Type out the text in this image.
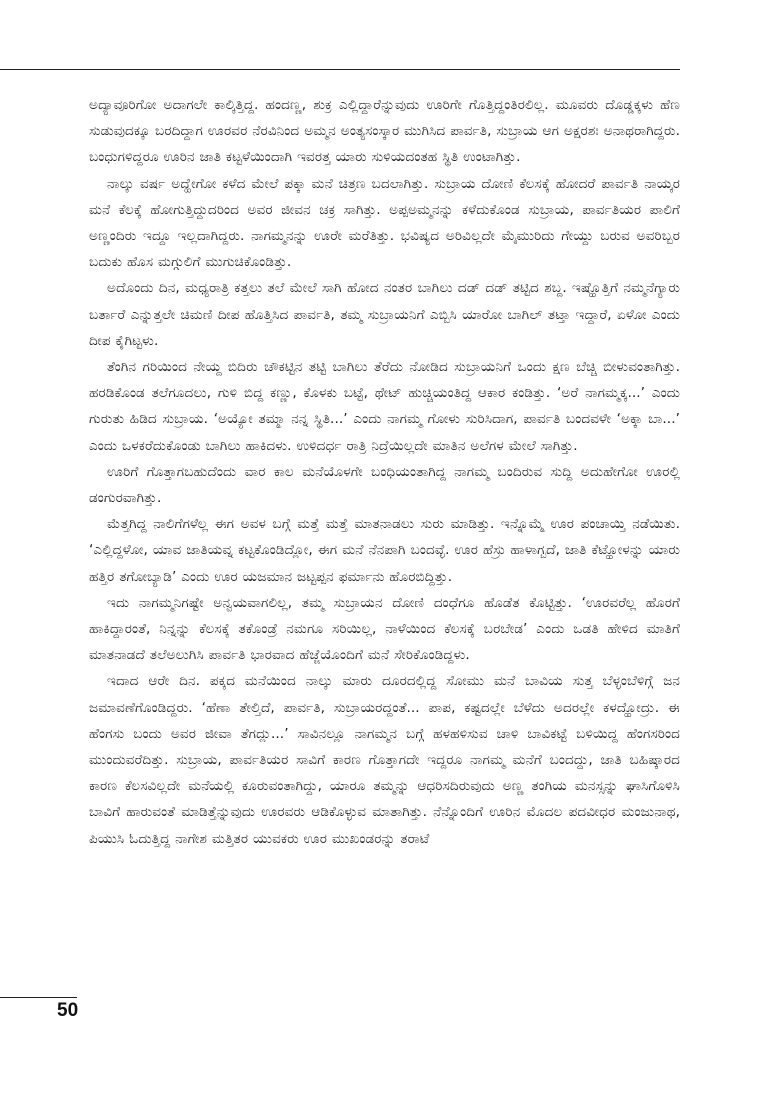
ಅದ್ಯಾವೂರಿಗೋ ಅದಾಗಲೇ ಕಾಲ್ಕಿತ್ತಿದ್ದ. ಹಂದಣ್ಣ, ಶುಕ್ರ ಎಲ್ಲಿದ್ದಾರೆನ್ನುವುದು ಊರಿಗೇ ಗೊತ್ತಿದ್ದಂತಿರಲಿಲ್ಲ. ಮೂವರು ದೊಡ್ಡಕ್ಕಳು ಹೆಣ ಸುಡುವುದಕ್ಕೂ ಬರದಿದ್ದಾಗ ಊರವರ ನೆರವಿನಿಂದ ಅಮ್ಮನ ಅಂತ್ಯಸಂಸ್ಕಾರ ಮುಗಿಸಿದ ಪಾರ್ವತಿ, ಸುಬ್ರಾಯ ಆಗ ಅಕ್ಷರಶಃ ಅನಾಥರಾಗಿದ್ದರು. ಬಂಧುಗಳಿದ್ದರೂ ಊರಿನ ಜಾತಿ ಕಟ್ಟಳೆಯಿಂದಾಗಿ ಇವರತ್ತ ಯಾರು ಸುಳಿಯದಂತಹ ಸ್ಥಿತಿ ಉಂಟಾಗಿತ್ತು.

ನಾಲ್ಕು ವರ್ಷ ಅದ್ಹೇಗೋ ಕಳೆದ ಮೇಲೆ ಪಕ್ಕಾ ಮನೆ ಚಿತ್ರಣ ಬದಲಾಗಿತ್ತು. ಸುಬ್ರಾಯ ದೋಣಿ ಕೆಲಸಕ್ಕೆ ಹೋದರೆ ಪಾರ್ವತಿ ನಾಯ್ಕರ ಮನೆ ಕೆಲಕ್ಕೆ ಹೋಗುತ್ತಿದ್ದುದರಿಂದ ಅವರ ಜೀವನ ಚಕ್ರ ಸಾಗಿತ್ತು. ಅಪ್ಪಅಮ್ಮನನ್ನು ಕಳೆದುಕೊಂಡ ಸುಬ್ರಾಯ, ಪಾರ್ವತಿಯರ ಪಾಲಿಗೆ ಅಣ್ಣಂದಿರು ಇದ್ದೂ ಇಲ್ಲದಾಗಿದ್ದರು. ನಾಗಮ್ಮನನ್ನು ಊರೇ ಮರೆತಿತ್ತು. ಭವಿಷ್ಯದ ಅರಿವಿಲ್ಲದೇ ಮೈಮುರಿದು ಗೇಯ್ದು ಬರುವ ಅವರಿಬ್ಬರ ಬದುಕು ಹೊಸ ಮಗ್ಗುಲಿಗೆ ಮುಗುಚಿಕೊಂಡಿತ್ತು.

ಅದೊಂದು ದಿನ, ಮಧ್ಯರಾತ್ರಿ ಕತ್ತಲು ತಲೆ ಮೇಲೆ ಸಾಗಿ ಹೋದ ನಂತರ ಬಾಗಿಲು ದಡ್ ದಡ್ ತಟ್ಟಿದ ಶಬ್ದ. ಇಷ್ಹೊತ್ತಿಗೆ ನಮ್ಮನೆಗ್ಯಾರು ಬರ್ತಾರೆ ಎನ್ನುತ್ತಲೇ ಚಿಮಣಿ ದೀಪ ಹೊತ್ತಿಸಿದ ಪಾರ್ವತಿ, ತಮ್ಮ ಸುಬ್ರಾಯನಿಗೆ ಎಬ್ಬಿಸಿ ಯಾರೋ ಬಾಗಿಲ್ ತಟ್ತಾ ಇದ್ದಾರೆ, ಏಳೋ ಎಂದು ದೀಪ ಕೈಗಿಟ್ಟಳು.

ತೆಂಗಿನ ಗರಿಯಿಂದ ನೇಯ್ದ ಬಿದಿರು ಚೌಕಟ್ಟಿನ ತಟ್ಟಿ ಬಾಗಿಲು ತೆರೆದು ನೋಡಿದ ಸುಬ್ರಾಯನಿಗೆ ಒಂದು ಕ್ಷಣ ಬೆಚ್ಚಿ ಬೀಳುವಂತಾಗಿತ್ತು. ಹರಡಿಕೊಂಡ ತಲೆಗೂದಲು, ಗುಳಿ ಬಿದ್ದ ಕಣ್ಣು, ಕೊಳಕು ಬಟ್ಟೆ, ಥೇಟ್ ಹುಚ್ಚಿಯಂತಿದ್ದ ಆಕಾರ ಕಂಡಿತ್ತು. ‘ಅರೆ ನಾಗಮ್ಮಕ್ಕ...’ ಎಂದು ಗುರುತು ಹಿಡಿದ ಸುಬ್ರಾಯ. ‘ಅಯ್ಯೋ ತಮ್ಮಾ ನನ್ನ ಸ್ಥಿತಿ...’ ಎಂದು ನಾಗಮ್ಮ ಗೋಳು ಸುರಿಸಿದಾಗ, ಪಾರ್ವತಿ ಬಂದವಳೇ ‘ಅಕ್ಕಾ ಬಾ...’ ಎಂದು ಒಳಕರೆದುಕೊಂಡು ಬಾಗಿಲು ಹಾಕಿದಳು. ಉಳಿದರ್ಧ ರಾತ್ರಿ ನಿದ್ರೆಯಿಲ್ಲದೇ ಮಾತಿನ ಅಲೆಗಳ ಮೇಲೆ ಸಾಗಿತ್ತು.

ಊರಿಗೆ ಗೊತ್ತಾಗಬಹುದೆಂದು ವಾರ ಕಾಲ ಮನೆಯೊಳಗೇ ಬಂಧಿಯಂತಾಗಿದ್ದ ನಾಗಮ್ಮ ಬಂದಿರುವ ಸುದ್ದಿ ಅದುಹೇಗೋ ಊರಲ್ಲಿ ಡಂಗುರವಾಗಿತ್ತು.

ಮೆತ್ತಗಿದ್ದ ನಾಲಿಗೆಗಳೆಲ್ಲ ಈಗ ಅವಳ ಬಗ್ಗೆ ಮತ್ತೆ ಮತ್ತೆ ಮಾತನಾಡಲು ಸುರು ಮಾಡಿತ್ತು. ಇನ್ನೊಮ್ಮೆ ಊರ ಪಂಚಾಯ್ತಿ ನಡೆಯಿತು. ‘ಎಲ್ಲಿದ್ದಳೋ, ಯಾವ ಜಾತಿಯವ್ನ ಕಟ್ಟಕೊಂಡಿದ್ಲೋ, ಈಗ ಮನೆ ನೆನಪಾಗಿ ಬಂದವ್ಳೆ. ಊರ ಹೆಸ್ರು ಹಾಳಾಗ್ಬದೆ, ಜಾತಿ ಕೆಟ್ಹೋಳನ್ನು ಯಾರು ಹತ್ತಿರ ತಗೋಬ್ಯಾಡಿ’ ಎಂದು ಊರ ಯಜಮಾನ ಜಟ್ಟಪ್ಪನ ಫರ್ಮಾನು ಹೊರಬಿದ್ದಿತ್ತು.

ಇದು ನಾಗಮ್ಮನಿಗಷ್ಟೇ ಅನ್ವಯವಾಗಲಿಲ್ಲ, ತಮ್ಮ ಸುಬ್ರಾಯನ ದೋಣಿ ದಂಧೆಗೂ ಹೊಡೆತ ಕೊಟ್ಟಿತ್ತು. ‘ಊರವರೆಲ್ಲ ಹೊರಗೆ ಹಾಕಿದ್ದಾರಂತೆ, ನಿನ್ನನ್ನು ಕೆಲಸಕ್ಕೆ ತಕೊಂಡ್ರೆ ನಮಗೂ ಸರಿಯಿಲ್ಲ, ನಾಳೆಯಿಂದ ಕೆಲಸಕ್ಕೆ ಬರಬೇಡ’ ಎಂದು ಒಡತಿ ಹೇಳಿದ ಮಾತಿಗೆ ಮಾತನಾಡದೆ ತಲೆಅಲುಗಿಸಿ ಪಾರ್ವತಿ ಭಾರವಾದ ಹೆಜ್ಜೆಯೊಂದಿಗೆ ಮನೆ ಸೇರಿಕೊಂಡಿದ್ದಳು.

ಇದಾದ ಆರೇ ದಿನ. ಪಕ್ಕದ ಮನೆಯಿಂದ ನಾಲ್ಕು ಮಾರು ದೂರದಲ್ಲಿದ್ದ ಸೋಮು ಮನೆ ಬಾವಿಯ ಸುತ್ತ ಬೆಳ್ಳಂಬೆಳಿಗ್ಗೆ ಜನ ಜಮಾವಣೆಗೊಂಡಿದ್ದರು. ‘ಹೆಣಾ ತೇಲ್ತಿದೆ, ಪಾರ್ವತಿ, ಸುಬ್ರಾಯರದ್ದಂತೆ... ಪಾಪ, ಕಷ್ಟದಲ್ಲೇ ಬೆಳೆದು ಅದರಲ್ಲೇ ಕಳದ್ಹೋದ್ರು. ಈ ಹೆಂಗಸು ಬಂದು ಅವರ ಜೀವಾ ತೆಗದ್ಲು...’ ಸಾವಿನಲ್ಲೂ ನಾಗಮ್ಮನ ಬಗ್ಗೆ ಹಳಹಳಿಸುವ ಚಾಳಿ ಬಾವಿಕಟ್ಟೆ ಬಳಿಯಿದ್ದ ಹೆಂಗಸರಿಂದ ಮುಂದುವರೆದಿತ್ತು. ಸುಬ್ರಾಯ, ಪಾರ್ವತಿಯರ ಸಾವಿಗೆ ಕಾರಣ ಗೊತ್ತಾಗದೇ ಇದ್ದರೂ ನಾಗಮ್ಮ ಮನೆಗೆ ಬಂದದ್ದು, ಜಾತಿ ಬಹಿಷ್ಕಾರದ ಕಾರಣ ಕೆಲಸವಿಲ್ಲದೇ ಮನೆಯಲ್ಲಿ ಕೂರುವಂತಾಗಿದ್ದು, ಯಾರೂ ತಮ್ಮನ್ನು ಆಧರಿಸದಿರುವುದು ಅಣ್ಣ ತಂಗಿಯ ಮನಸ್ಸನ್ನು ಘಾಸಿಗೊಳಿಸಿ ಬಾವಿಗೆ ಹಾರುವಂತೆ ಮಾಡಿತ್ತೆನ್ನುವುದು ಊರವರು ಆಡಿಕೊಳ್ಳುವ ಮಾತಾಗಿತ್ತು. ನೆನ್ನೊಂದಿಗೆ ಊರಿನ ಮೊದಲ ಪದವೀಧರ ಮಂಜುನಾಥ, ಪಿಯುಸಿ ಓದುತ್ತಿದ್ದ ನಾಗೇಶ ಮತ್ತಿತರ ಯುವಕರು ಊರ ಮುಖಂಡರನ್ನು ತರಾಟೆ

50
